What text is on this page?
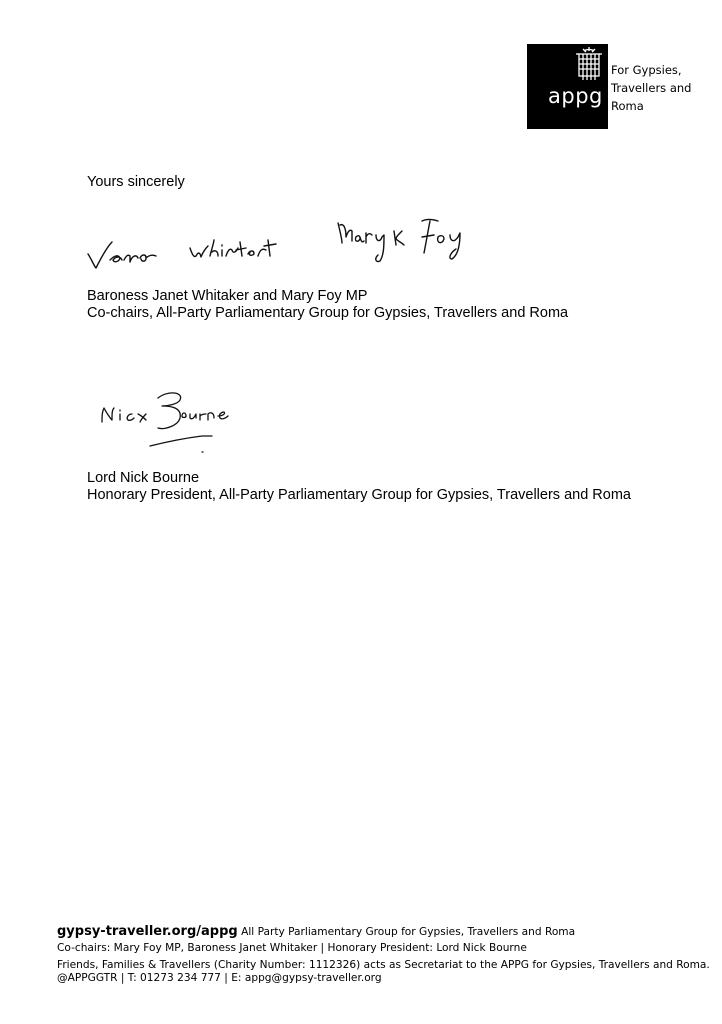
appg
For Gypsies,
Travellers and
Roma
Yours sincerely
Baroness Janet Whitaker and Mary Foy MP
Co-chairs, All-Party Parliamentary Group for Gypsies, Travellers and Roma
Lord Nick Bourne
Honorary President, All-Party Parliamentary Group for Gypsies, Travellers and Roma
gypsy-traveller.org/appg All Party Parliamentary Group for Gypsies, Travellers and Roma
Co-chairs: Mary Foy MP, Baroness Janet Whitaker | Honorary President: Lord Nick Bourne
Friends, Families & Travellers (Charity Number: 1112326) acts as Secretariat to the APPG for Gypsies, Travellers and Roma.
@APPGGTR | T: 01273 234 777 | E: appg@gypsy-traveller.org
